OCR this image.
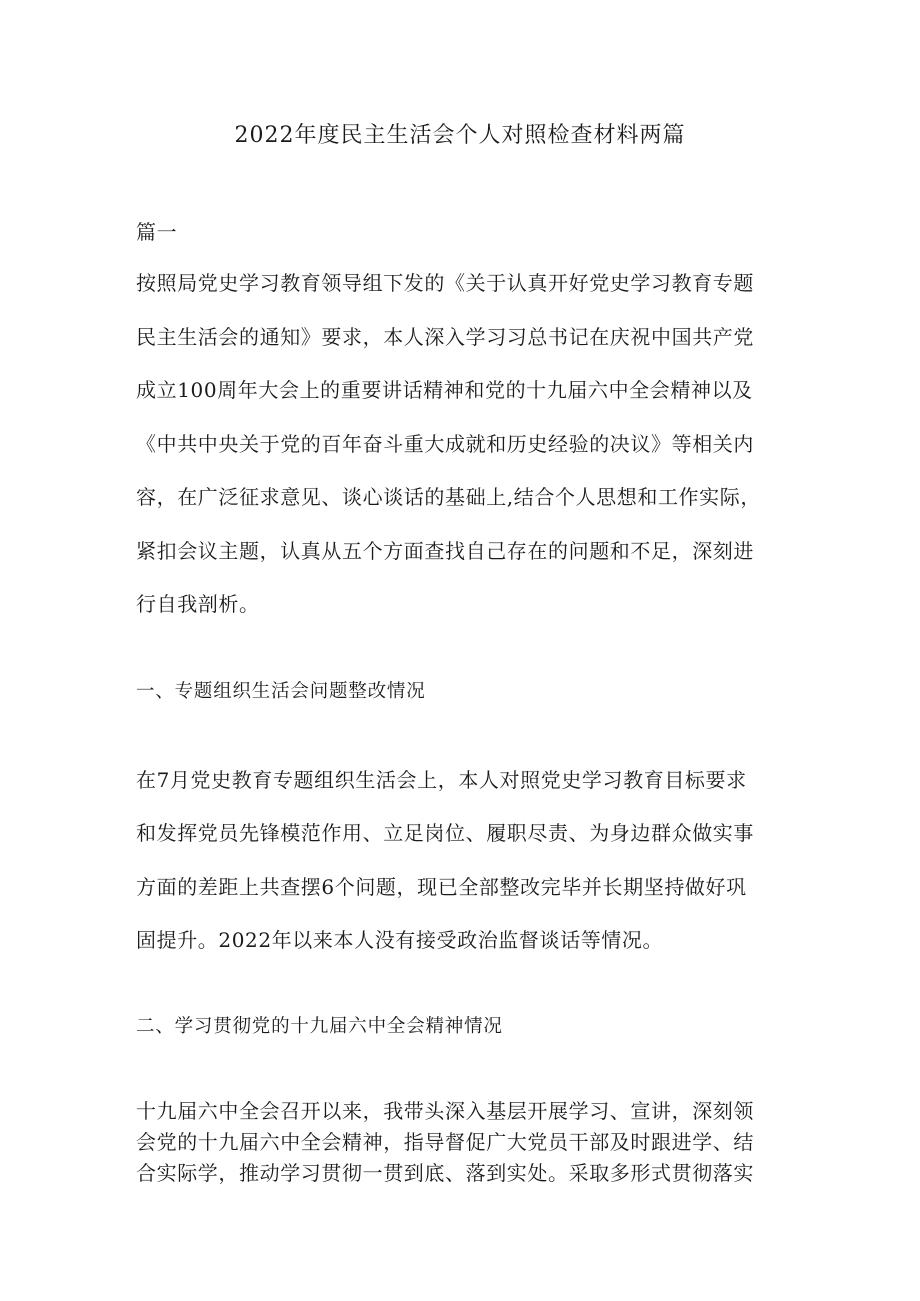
2022年度民主生活会个人对照检查材料两篇

篇一

按照局党史学习教育领导组下发的《关于认真开好党史学习教育专题

民主生活会的通知》要求，本人深入学习习总书记在庆祝中国共产党

成立100周年大会上的重要讲话精神和党的十九届六中全会精神以及

《中共中央关于党的百年奋斗重大成就和历史经验的决议》等相关内

容，在广泛征求意见、谈心谈话的基础上,结合个人思想和工作实际，

紧扣会议主题，认真从五个方面查找自己存在的问题和不足，深刻进

行自我剖析。

一、专题组织生活会问题整改情况

在7月党史教育专题组织生活会上，本人对照党史学习教育目标要求

和发挥党员先锋模范作用、立足岗位、履职尽责、为身边群众做实事

方面的差距上共查摆6个问题，现已全部整改完毕并长期坚持做好巩

固提升。2022年以来本人没有接受政治监督谈话等情况。

二、学习贯彻党的十九届六中全会精神情况

十九届六中全会召开以来，我带头深入基层开展学习、宣讲，深刻领

会党的十九届六中全会精神，指导督促广大党员干部及时跟进学、结

合实际学，推动学习贯彻一贯到底、落到实处。采取多形式贯彻落实
